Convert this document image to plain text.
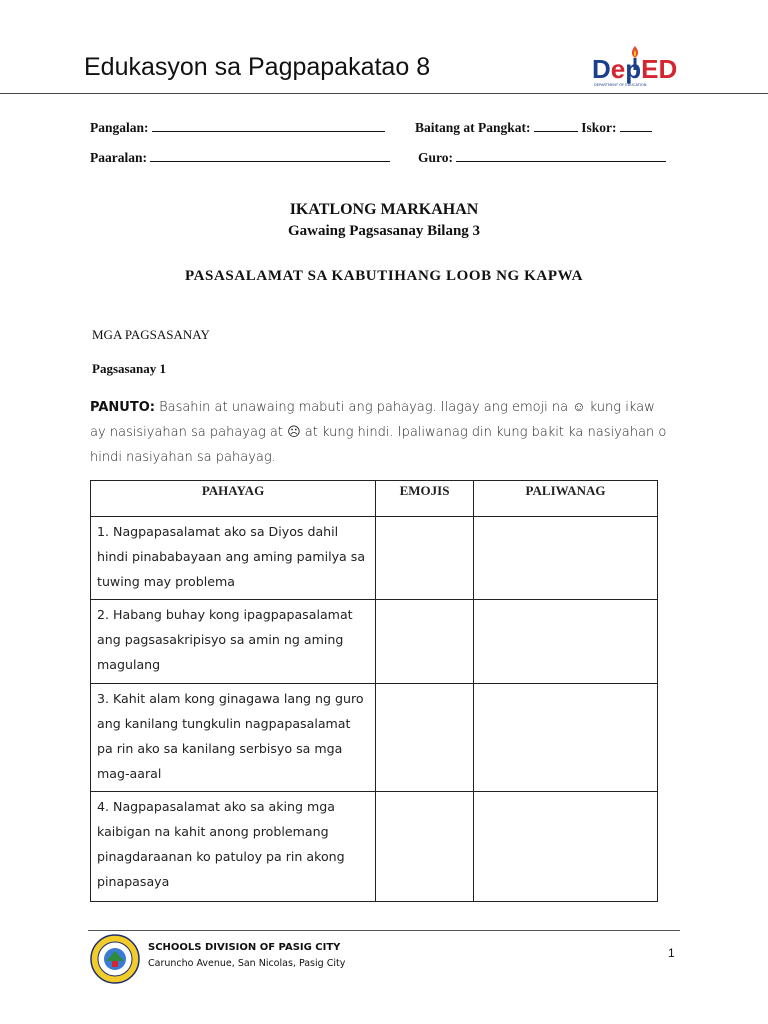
Edukasyon sa Pagpapakatao 8	DepED
DEPARTMENT OF EDUCATION
Pangalan:	Baitang at Pangkat:	Iskor:
Paaralan:	Guro:
IKATLONG MARKAHAN
Gawaing Pagsasanay Bilang 3
PASASALAMAT SA KABUTIHANG LOOB NG KAPWA
MGA PAGSASANAY
Pagsasanay 1
PANUTO: Basahin at unawaing mabuti ang pahayag. Ilagay ang emoji na ☺ kung ikaw ay nasisiyahan sa pahayag at ☹ at kung hindi. Ipaliwanag din kung bakit ka nasiyahan o hindi nasiyahan sa pahayag.
PAHAYAG	EMOJIS	PALIWANAG
1. Nagpapasalamat ako sa Diyos dahil hindi pinababayaan ang aming pamilya sa tuwing may problema		
2. Habang buhay kong ipagpapasalamat ang pagsasakripisyo sa amin ng aming magulang		
3. Kahit alam kong ginagawa lang ng guro ang kanilang tungkulin nagpapasalamat pa rin ako sa kanilang serbisyo sa mga mag-aaral		
4. Nagpapasalamat ako sa aking mga kaibigan na kahit anong problemang pinagdaraanan ko patuloy pa rin akong pinapasaya		
SCHOOLS DIVISION OF PASIG CITY
Caruncho Avenue, San Nicolas, Pasig City
1
